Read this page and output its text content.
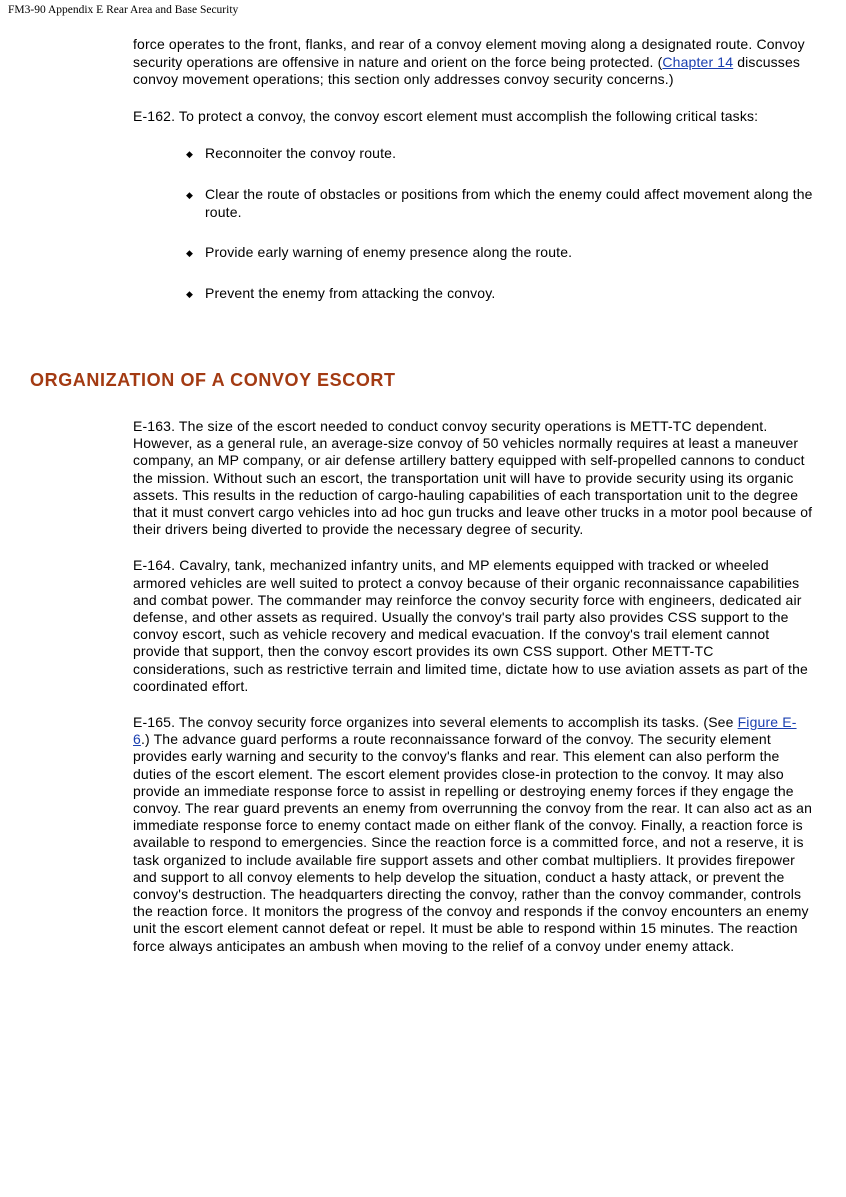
FM3-90 Appendix E Rear Area and Base Security

force operates to the front, flanks, and rear of a convoy element moving along a designated route. Convoy security operations are offensive in nature and orient on the force being protected. (Chapter 14 discusses convoy movement operations; this section only addresses convoy security concerns.)

E-162. To protect a convoy, the convoy escort element must accomplish the following critical tasks:

◆ Reconnoiter the convoy route.
◆ Clear the route of obstacles or positions from which the enemy could affect movement along the route.
◆ Provide early warning of enemy presence along the route.
◆ Prevent the enemy from attacking the convoy.
ORGANIZATION OF A CONVOY ESCORT

E-163. The size of the escort needed to conduct convoy security operations is METT-TC dependent. However, as a general rule, an average-size convoy of 50 vehicles normally requires at least a maneuver company, an MP company, or air defense artillery battery equipped with self-propelled cannons to conduct the mission. Without such an escort, the transportation unit will have to provide security using its organic assets. This results in the reduction of cargo-hauling capabilities of each transportation unit to the degree that it must convert cargo vehicles into ad hoc gun trucks and leave other trucks in a motor pool because of their drivers being diverted to provide the necessary degree of security.

E-164. Cavalry, tank, mechanized infantry units, and MP elements equipped with tracked or wheeled armored vehicles are well suited to protect a convoy because of their organic reconnaissance capabilities and combat power. The commander may reinforce the convoy security force with engineers, dedicated air defense, and other assets as required. Usually the convoy's trail party also provides CSS support to the convoy escort, such as vehicle recovery and medical evacuation. If the convoy's trail element cannot provide that support, then the convoy escort provides its own CSS support. Other METT-TC considerations, such as restrictive terrain and limited time, dictate how to use aviation assets as part of the coordinated effort.

E-165. The convoy security force organizes into several elements to accomplish its tasks. (See Figure E-6.) The advance guard performs a route reconnaissance forward of the convoy. The security element provides early warning and security to the convoy's flanks and rear. This element can also perform the duties of the escort element. The escort element provides close-in protection to the convoy. It may also provide an immediate response force to assist in repelling or destroying enemy forces if they engage the convoy. The rear guard prevents an enemy from overrunning the convoy from the rear. It can also act as an immediate response force to enemy contact made on either flank of the convoy. Finally, a reaction force is available to respond to emergencies. Since the reaction force is a committed force, and not a reserve, it is task organized to include available fire support assets and other combat multipliers. It provides firepower and support to all convoy elements to help develop the situation, conduct a hasty attack, or prevent the convoy's destruction. The headquarters directing the convoy, rather than the convoy commander, controls the reaction force. It monitors the progress of the convoy and responds if the convoy encounters an enemy unit the escort element cannot defeat or repel. It must be able to respond within 15 minutes. The reaction force always anticipates an ambush when moving to the relief of a convoy under enemy attack.
